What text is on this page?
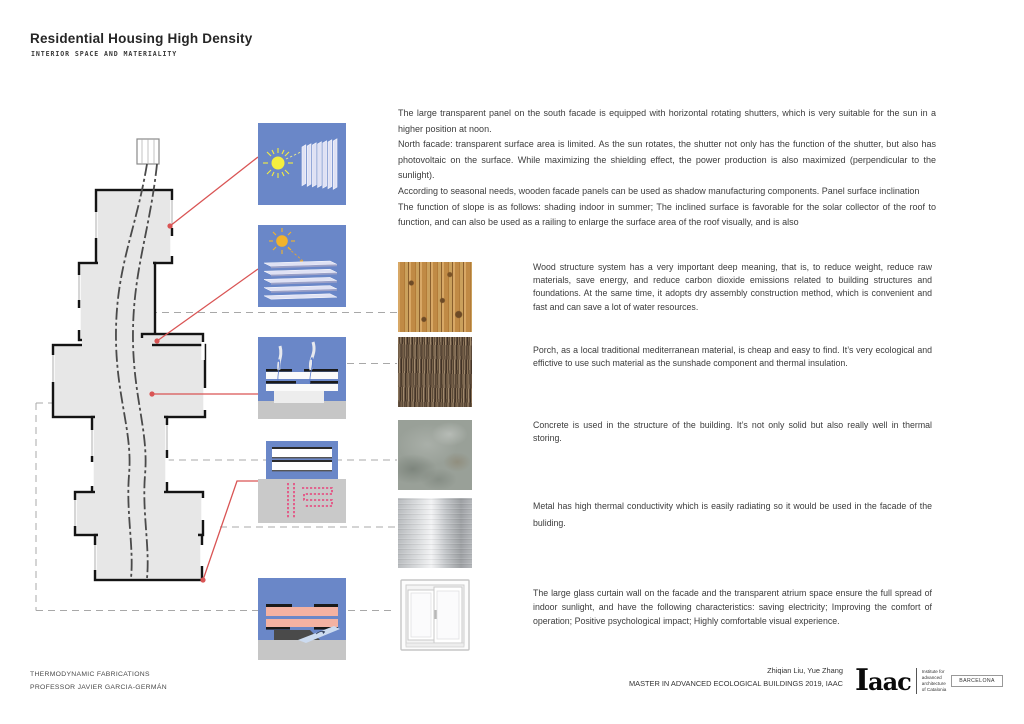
Residential Housing High Density
INTERIOR SPACE AND MATERIALITY
The large transparent panel on the south facade is equipped with horizontal rotating shutters, which is very suitable for the sun in a higher position at noon.
North facade: transparent surface area is limited. As the sun rotates, the shutter not only has the function of the shutter, but also has photovoltaic on the surface. While maximizing the shielding effect, the power production is also maximized (perpendicular to the sunlight).
According to seasonal needs, wooden facade panels can be used as shadow manufacturing components. Panel surface inclination
The function of slope is as follows: shading indoor in summer; The inclined surface is favorable for the solar collector of the roof to function, and can also be used as a railing to enlarge the surface area of the roof visually, and is also
Wood structure system has a very important deep meaning, that is, to reduce weight, reduce raw materials, save energy, and reduce carbon dioxide emissions related to building structures and foundations. At the same time, it adopts dry assembly construction method, which is convenient and fast and can save a lot of water resources.
Porch, as a local traditional mediterranean material, is cheap and easy to find. It’s very ecological and effictive to use such material as the sunshade component and thermal insulation.
Concrete is used in the structure of the building. It’s not only solid but also really well in thermal storing.
Metal has high thermal conductivity which is easily radiating so it would be used in the facade of the buliding.
The large glass curtain wall on the facade and the transparent atrium space ensure the full spread of indoor sunlight, and have the following characteristics: saving electricity; Improving the comfort of operation; Positive psychological impact; Highly comfortable visual experience.
THERMODYNAMIC FABRICATIONS
PROFESSOR JAVIER GARCIA-GERMÁN
Zhiqian Liu, Yue Zhang
MASTER IN ADVANCED ECOLOGICAL BUILDINGS 2019, IAAC Iaac Institute for
advanced
architecture
of Catalonia
BARCELONA
